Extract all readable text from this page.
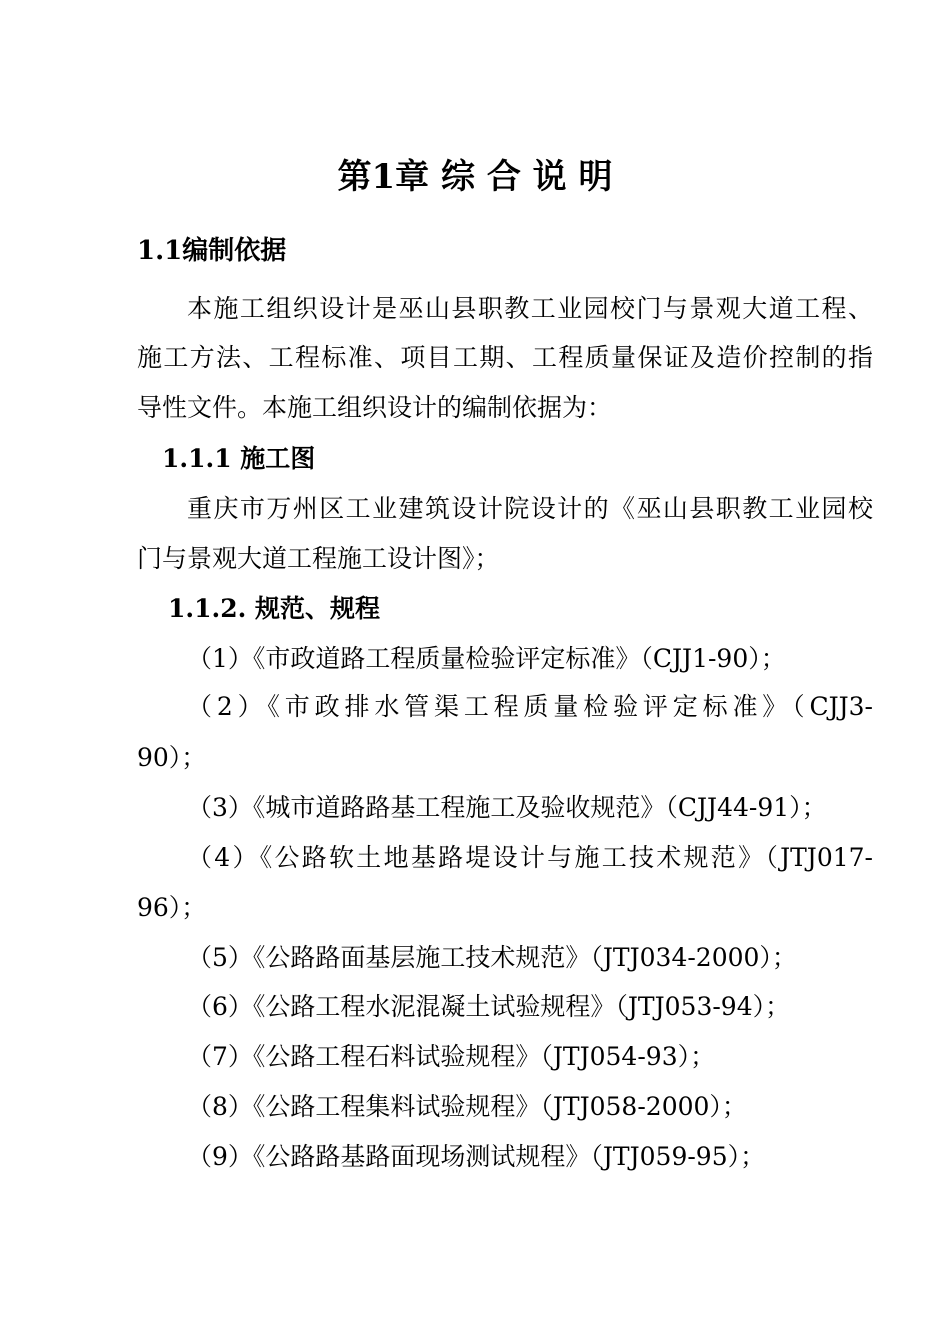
第1章 综 合 说 明
1.1编制依据
本施工组织设计是巫山县职教工业园校门与景观大道工程、
施工方法、工程标准、项目工期、工程质量保证及造价控制的指
导性文件。本施工组织设计的编制依据为：
1.1.1 施工图
重庆市万州区工业建筑设计院设计的《巫山县职教工业园校
门与景观大道工程施工设计图》；
1.1.2. 规范、规程
（1）《市政道路工程质量检验评定标准》（CJJ1-90）；
（2）《市政排水管渠工程质量检验评定标准》（CJJ3-
90）；
（3）《城市道路路基工程施工及验收规范》（CJJ44-91）；
（4）《公路软土地基路堤设计与施工技术规范》（JTJ017-
96）；
（5）《公路路面基层施工技术规范》（JTJ034-2000）；
（6）《公路工程水泥混凝土试验规程》（JTJ053-94）；
（7）《公路工程石料试验规程》（JTJ054-93）；
（8）《公路工程集料试验规程》（JTJ058-2000）；
（9）《公路路基路面现场测试规程》（JTJ059-95）；
